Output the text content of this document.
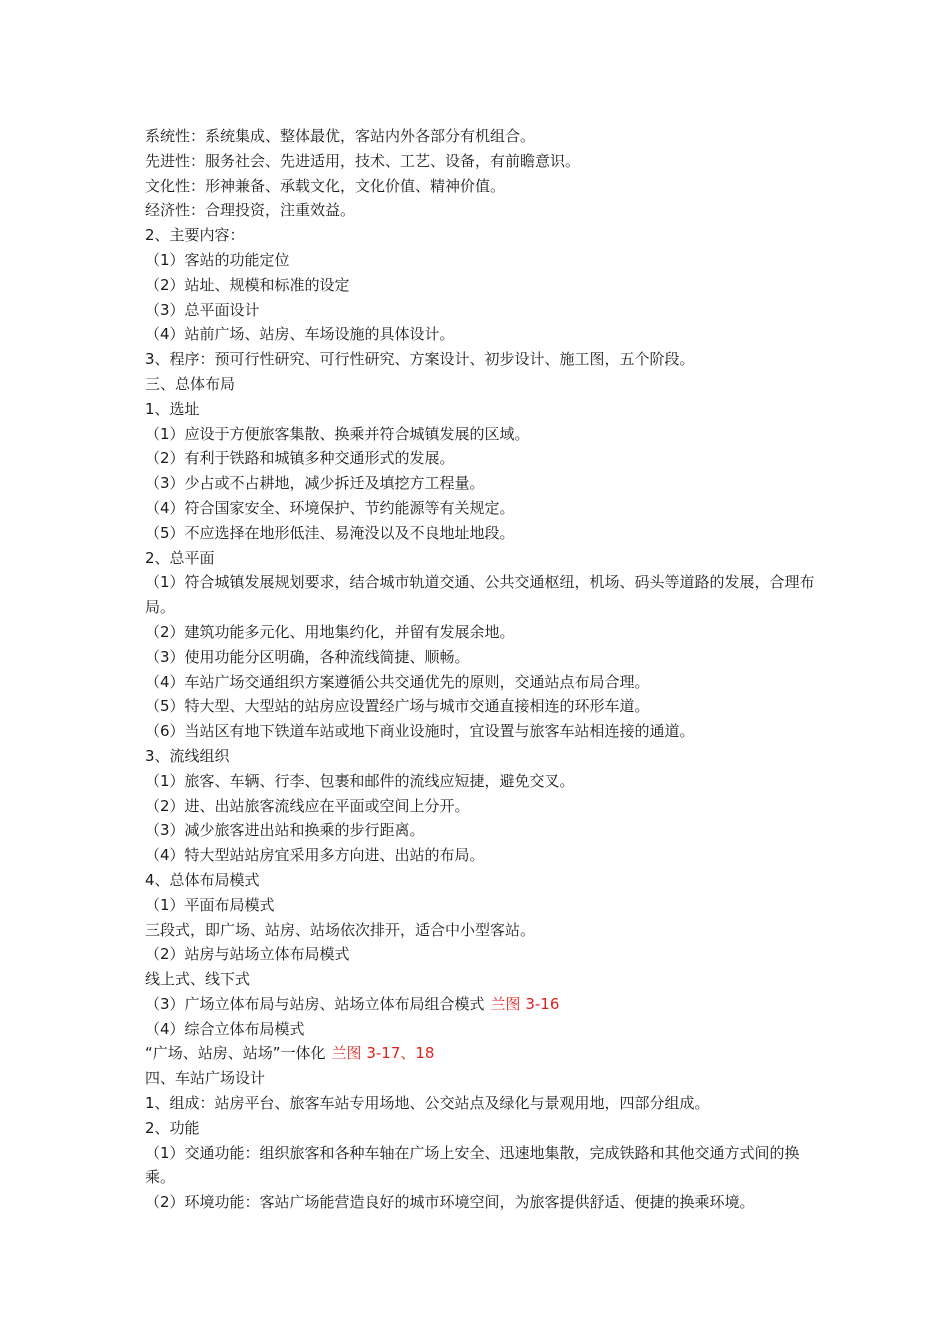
系统性：系统集成、整体最优，客站内外各部分有机组合。
先进性：服务社会、先进适用，技术、工艺、设备，有前瞻意识。
文化性：形神兼备、承载文化，文化价值、精神价值。
经济性：合理投资，注重效益。
2、主要内容：
（1）客站的功能定位
（2）站址、规模和标准的设定
（3）总平面设计
（4）站前广场、站房、车场设施的具体设计。
3、程序：预可行性研究、可行性研究、方案设计、初步设计、施工图，五个阶段。
三、总体布局
1、选址
（1）应设于方便旅客集散、换乘并符合城镇发展的区域。
（2）有利于铁路和城镇多种交通形式的发展。
（3）少占或不占耕地，减少拆迁及填挖方工程量。
（4）符合国家安全、环境保护、节约能源等有关规定。
（5）不应选择在地形低洼、易淹没以及不良地址地段。
2、总平面
（1）符合城镇发展规划要求，结合城市轨道交通、公共交通枢纽，机场、码头等道路的发展，合理布局。
（2）建筑功能多元化、用地集约化，并留有发展余地。
（3）使用功能分区明确，各种流线简捷、顺畅。
（4）车站广场交通组织方案遵循公共交通优先的原则，交通站点布局合理。
（5）特大型、大型站的站房应设置经广场与城市交通直接相连的环形车道。
（6）当站区有地下铁道车站或地下商业设施时，宜设置与旅客车站相连接的通道。
3、流线组织
（1）旅客、车辆、行李、包裹和邮件的流线应短捷，避免交叉。
（2）进、出站旅客流线应在平面或空间上分开。
（3）减少旅客进出站和换乘的步行距离。
（4）特大型站站房宜采用多方向进、出站的布局。
4、总体布局模式
（1）平面布局模式
三段式，即广场、站房、站场依次排开，适合中小型客站。
（2）站房与站场立体布局模式
线上式、线下式
（3）广场立体布局与站房、站场立体布局组合模式 兰图 3-16
（4）综合立体布局模式
“广场、站房、站场”一体化 兰图 3-17、18
四、车站广场设计
1、组成：站房平台、旅客车站专用场地、公交站点及绿化与景观用地，四部分组成。
2、功能
（1）交通功能：组织旅客和各种车轴在广场上安全、迅速地集散，完成铁路和其他交通方式间的换乘。
（2）环境功能：客站广场能营造良好的城市环境空间，为旅客提供舒适、便捷的换乘环境。
